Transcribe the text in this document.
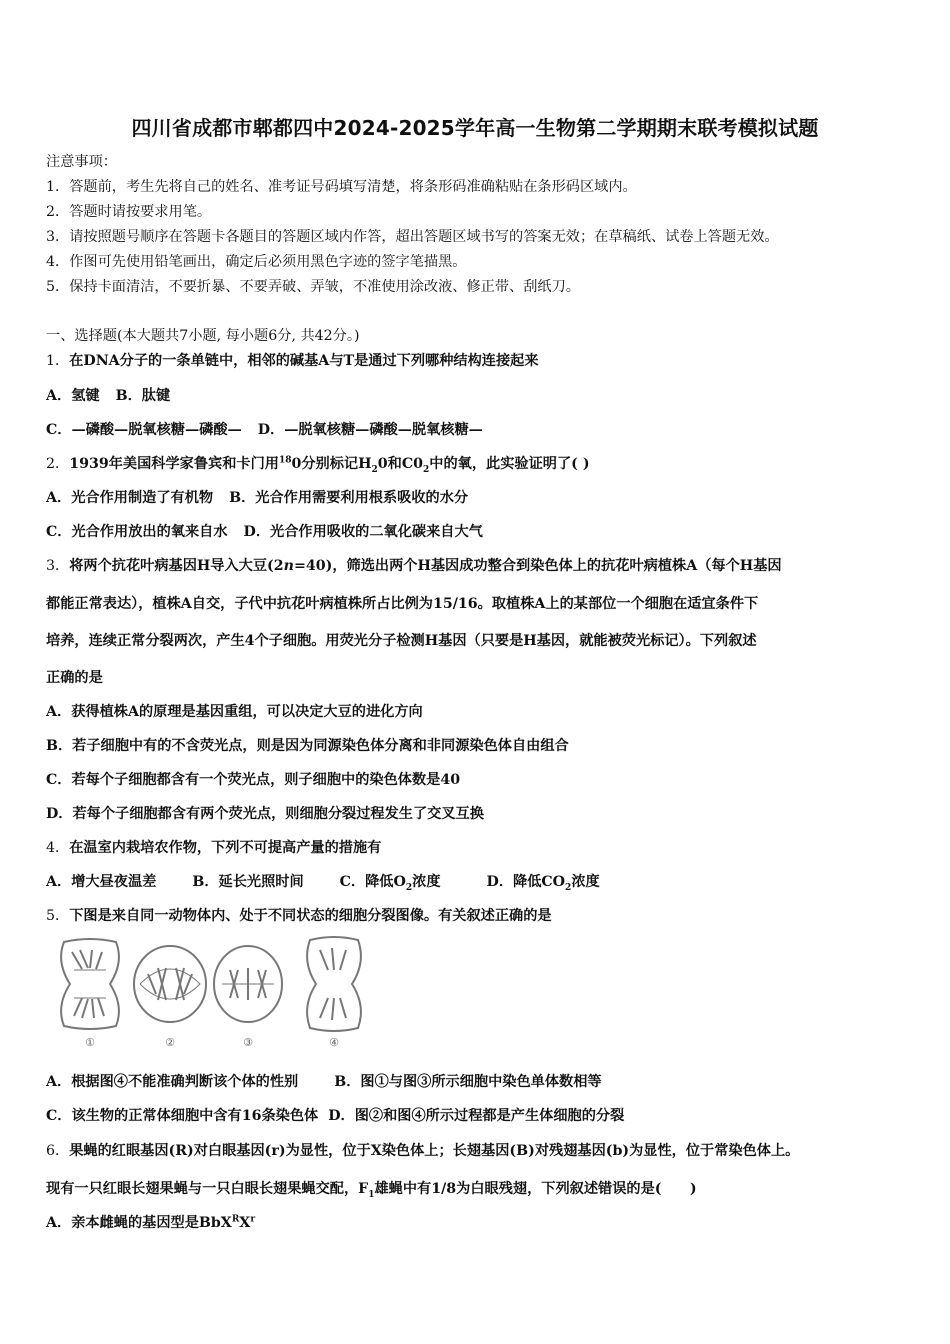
四川省成都市郫都四中2024-2025学年高一生物第二学期期末联考模拟试题
注意事项：
1．答题前，考生先将自己的姓名、准考证号码填写清楚，将条形码准确粘贴在条形码区域内。
2．答题时请按要求用笔。
3．请按照题号顺序在答题卡各题目的答题区域内作答，超出答题区域书写的答案无效；在草稿纸、试卷上答题无效。
4．作图可先使用铅笔画出，确定后必须用黑色字迹的签字笔描黑。
5．保持卡面清洁，不要折暴、不要弄破、弄皱，不准使用涂改液、修正带、刮纸刀。
一、选择题(本大题共7小题, 每小题6分, 共42分。)
1．在DNA分子的一条单链中，相邻的碱基A与T是通过下列哪种结构连接起来
A．氢键 B．肽键
C．—磷酸—脱氧核糖—磷酸— D．—脱氧核糖—磷酸—脱氧核糖—
2．1939年美国科学家鲁宾和卡门用$^{18}$0分别标记$H_20$和$C0_2$中的氧，此实验证明了( )
A．光合作用制造了有机物 B．光合作用需要利用根系吸收的水分
C．光合作用放出的氧来自水 D．光合作用吸收的二氧化碳来自大气
3．将两个抗花叶病基因H导入大豆(2n=40)，筛选出两个H基因成功整合到染色体上的抗花叶病植株A（每个H基因
都能正常表达），植株A自交，子代中抗花叶病植株所占比例为15/16。取植株A上的某部位一个细胞在适宜条件下
培养，连续正常分裂两次，产生4个子细胞。用荧光分子检测H基因（只要是H基因，就能被荧光标记）。下列叙述
正确的是
A．获得植株A的原理是基因重组，可以决定大豆的进化方向
B．若子细胞中有的不含荧光点，则是因为同源染色体分离和非同源染色体自由组合
C．若每个子细胞都含有一个荧光点，则子细胞中的染色体数是40
D．若每个子细胞都含有两个荧光点，则细胞分裂过程发生了交叉互换
4．在温室内栽培农作物，下列不可提高产量的措施有
A．增大昼夜温差	B．延长光照时间	C．降低$O_2$浓度	D．降低$CO_2$浓度
5．下图是来自同一动物体内、处于不同状态的细胞分裂图像。有关叙述正确的是
①	②	③	④
A．根据图④不能准确判断该个体的性别	B．图①与图③所示细胞中染色单体数相等
C．该生物的正常体细胞中含有16条染色体 D．图②和图④所示过程都是产生体细胞的分裂
6．果蝇的红眼基因(R)对白眼基因(r)为显性，位于X染色体上；长翅基因(B)对残翅基因(b)为显性，位于常染色体上。
现有一只红眼长翅果蝇与一只白眼长翅果蝇交配，$F_1$雄蝇中有1/8为白眼残翅，下列叙述错误的是(　　)
A．亲本雌蝇的基因型是$BbX^RX^r$
